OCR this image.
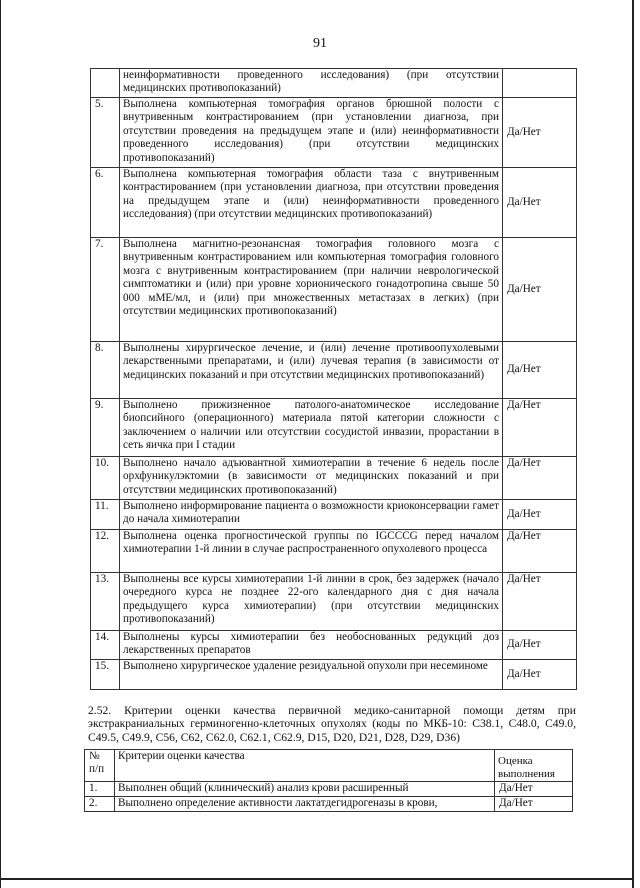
91
	неинформативности проведенного исследования) (при отсутствии медицинских противопоказаний)	
5.	Выполнена компьютерная томография органов брюшной полости с внутривенным контрастированием (при установлении диагноза, при отсутствии проведения на предыдущем этапе и (или) неинформативности проведенного исследования) (при отсутствии медицинских противопоказаний)	Да/Нет
6.	Выполнена компьютерная томография области таза с внутривенным контрастированием (при установлении диагноза, при отсутствии проведения на предыдущем этапе и (или) неинформативности проведенного исследования) (при отсутствии медицинских противопоказаний)	Да/Нет
7.	Выполнена магнитно-резонансная томография головного мозга с внутривенным контрастированием или компьютерная томография головного мозга с внутривенным контрастированием (при наличии неврологической симптоматики и (или) при уровне хорионического гонадотропина свыше 50 000 мМЕ/мл, и (или) при множественных метастазах в легких) (при отсутствии медицинских противопоказаний)	Да/Нет
8.	Выполнены хирургическое лечение, и (или) лечение противоопухолевыми лекарственными препаратами, и (или) лучевая терапия (в зависимости от медицинских показаний и при отсутствии медицинских противопоказаний)	Да/Нет
9.	Выполнено прижизненное патолого-анатомическое исследование биопсийного (операционного) материала пятой категории сложности с заключением о наличии или отсутствии сосудистой инвазии, прорастании в сеть яичка при I стадии	Да/Нет
10.	Выполнено начало адъювантной химиотерапии в течение 6 недель после орхфуникулэктомии (в зависимости от медицинских показаний и при отсутствии медицинских противопоказаний)	Да/Нет
11.	Выполнено информирование пациента о возможности криоконсервации гамет до начала химиотерапии	Да/Нет
12.	Выполнена оценка прогностической группы по IGCCCG перед началом химиотерапии 1-й линии в случае распространенного опухолевого процесса	Да/Нет
13.	Выполнены все курсы химиотерапии 1-й линии в срок, без задержек (начало очередного курса не позднее 22-ого календарного дня с дня начала предыдущего курса химиотерапии) (при отсутствии медицинских противопоказаний)	Да/Нет
14.	Выполнены курсы химиотерапии без необоснованных редукций доз лекарственных препаратов	Да/Нет
15.	Выполнено хирургическое удаление резидуальной опухоли при несеминоме	Да/Нет
2.52. Критерии оценки качества первичной медико-санитарной помощи детям при экстракраниальных герминогенно-клеточных опухолях (коды по МКБ-10: C38.1, C48.0, C49.0, C49.5, C49.9, C56, C62, C62.0, C62.1, C62.9, D15, D20, D21, D28, D29, D36)
№ п/п	Критерии оценки качества	Оценка выполнения
1.	Выполнен общий (клинический) анализ крови расширенный	Да/Нет
2.	Выполнено определение активности лактатдегидрогеназы в крови,	Да/Нет
